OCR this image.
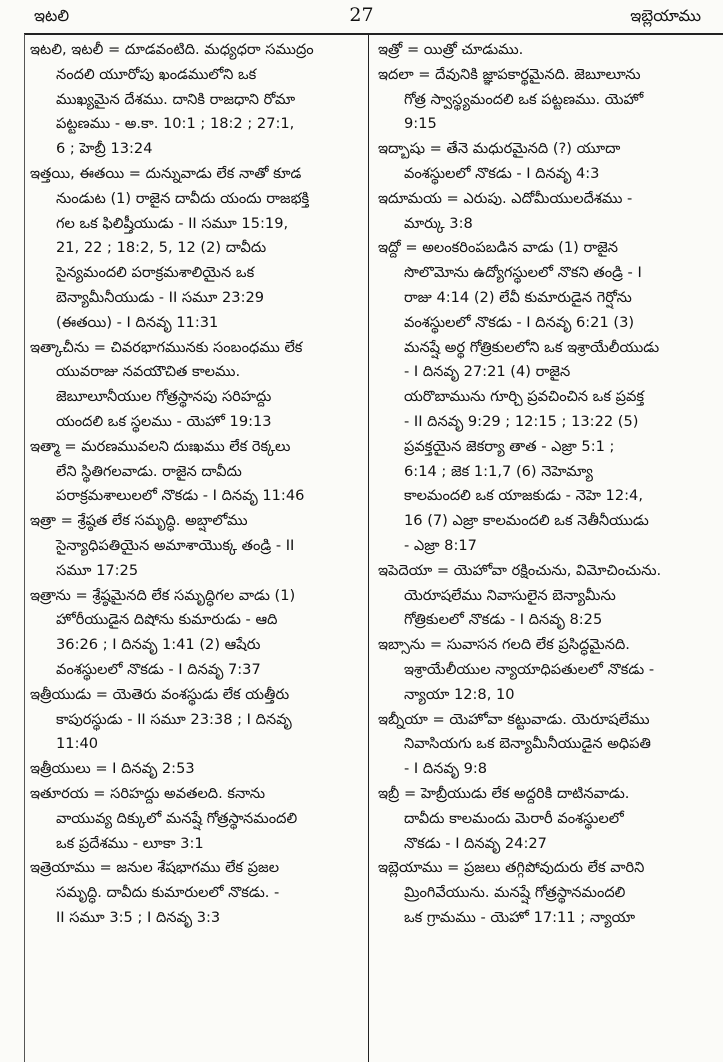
ఇటలి	27	ఇబ్లెయాము
ఇటలి, ఇటలీ = దూడవంటిది. మధ్యధరా సముద్రం
నందలి యూరోపు ఖండములోని ఒక
ముఖ్యమైన దేశము. దానికి రాజధాని రోమా
పట్టణము - అ.కా. 10:1 ; 18:2 ; 27:1,
6 ; హెబ్రీ 13:24
ఇత్తయి, ఈతయి = దున్నువాడు లేక నాతో కూడ
నుండుట (1) రాజైన దావీదు యందు రాజభక్తి
గల ఒక ఫిలిష్తీయుడు - II సమూ 15:19,
21, 22 ; 18:2, 5, 12 (2) దావీదు
సైన్యమందలి పరాక్రమశాలియైన ఒక
బెన్యామీనీయుడు - II సమూ 23:29
(ఈతయి) - I దినవృ 11:31
ఇత్కాచీను = చివరభాగమునకు సంబంధము లేక
యువరాజు నవయౌచిత కాలము.
జెబూలూనీయుల గోత్రస్థానపు సరిహద్దు
యందలి ఒక స్థలము - యెహో 19:13
ఇత్మా = మరణమువలని దుఃఖము లేక రెక్కలు
లేని స్థితిగలవాడు. రాజైన దావీదు
పరాక్రమశాలులలో నొకడు - I దినవృ 11:46
ఇత్రా = శ్రేష్ఠత లేక సమృద్ధి. అబ్షాలోము
సైన్యాధిపతియైన అమాశాయొక్క తండ్రి - II
సమూ 17:25
ఇత్రాను = శ్రేష్ఠమైనది లేక సమృద్ధిగల వాడు (1)
హోరీయుడైన దిషోను కుమారుడు - ఆది
36:26 ; I దినవృ 1:41 (2) ఆషేరు
వంశస్థులలో నొకడు - I దినవృ 7:37
ఇత్రీయుడు = యెతెరు వంశస్థుడు లేక యత్తీరు
కాపురస్థుడు - II సమూ 23:38 ; I దినవృ
11:40
ఇత్రీయులు = I దినవృ 2:53
ఇతూరయ = సరిహద్దు అవతలది. కనాను
వాయువ్య దిక్కులో మనష్షే గోత్రస్థానమందలి
ఒక ప్రదేశము - లూకా 3:1
ఇత్రెయాము = జనుల శేషభాగము లేక ప్రజల
సమృద్ధి. దావీదు కుమారులలో నొకడు. -
II సమూ 3:5 ; I దినవృ 3:3
ఇత్రో = యిత్రో చూడుము.
ఇదలా = దేవునికి జ్ఞాపకార్థమైనది. జెబూలూను
గోత్ర స్వాస్థ్యమందలి ఒక పట్టణము. యెహో
9:15
ఇద్బాషు = తేనె మధురమైనది (?) యూదా
వంశస్థులలో నొకడు - I దినవృ 4:3
ఇదూమయ = ఎరుపు. ఎదోమీయులదేశము -
మార్కు 3:8
ఇద్దో = అలంకరింపబడిన వాడు (1) రాజైన
సొలొమోను ఉద్యోగస్థులలో నొకని తండ్రి - I
రాజు 4:14 (2) లేవీ కుమారుడైన గెర్షోను
వంశస్థులలో నొకడు - I దినవృ 6:21 (3)
మనష్షే అర్థ గోత్రికులలోని ఒక ఇశ్రాయేలీయుడు
- I దినవృ 27:21 (4) రాజైన
యరొబామును గూర్చి ప్రవచించిన ఒక ప్రవక్త
- II దినవృ 9:29 ; 12:15 ; 13:22 (5)
ప్రవక్తయైన జెకర్యా తాత - ఎజ్రా 5:1 ;
6:14 ; జెక 1:1,7 (6) నెహెమ్యా
కాలమందలి ఒక యాజకుడు - నెహె 12:4,
16 (7) ఎజ్రా కాలమందలి ఒక నెతీనీయుడు
- ఎజ్రా 8:17
ఇపెదెయా = యెహోవా రక్షించును, విమోచించును.
యెరూషలేము నివాసులైన బెన్యామీను
గోత్రికులలో నొకడు - I దినవృ 8:25
ఇబ్సాను = సువాసన గలది లేక ప్రసిద్ధమైనది.
ఇశ్రాయేలీయుల న్యాయాధిపతులలో నొకడు -
న్యాయా 12:8, 10
ఇబ్నీయా = యెహోవా కట్టువాడు. యెరూషలేము
నివాసియగు ఒక బెన్యామీనీయుడైన అధిపతి
- I దినవృ 9:8
ఇబ్రీ = హెబ్రీయుడు లేక అద్దరికి దాటినవాడు.
దావీదు కాలమందు మెరారీ వంశస్థులలో
నొకడు - I దినవృ 24:27
ఇబ్లెయాము = ప్రజలు తగ్గిపోవుదురు లేక వారిని
మ్రింగివేయును. మనష్షే గోత్రస్థానమందలి
ఒక గ్రామము - యెహో 17:11 ; న్యాయా
